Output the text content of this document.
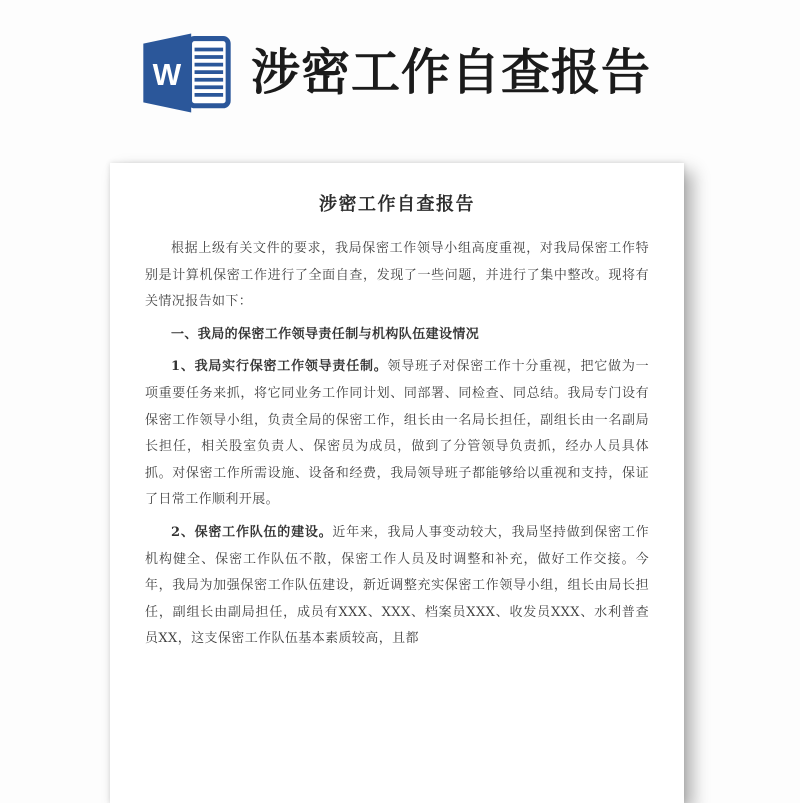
W 涉密工作自查报告
涉密工作自查报告

根据上级有关文件的要求，我局保密工作领导小组高度重视，对我局保密工作特别是计算机保密工作进行了全面自查，发现了一些问题，并进行了集中整改。现将有关情况报告如下：

一、我局的保密工作领导责任制与机构队伍建设情况

1、我局实行保密工作领导责任制。领导班子对保密工作十分重视，把它做为一项重要任务来抓，将它同业务工作同计划、同部署、同检查、同总结。我局专门设有保密工作领导小组，负责全局的保密工作，组长由一名局长担任，副组长由一名副局长担任，相关股室负责人、保密员为成员，做到了分管领导负责抓，经办人员具体抓。对保密工作所需设施、设备和经费，我局领导班子都能够给以重视和支持，保证了日常工作顺利开展。

2、保密工作队伍的建设。近年来，我局人事变动较大，我局坚持做到保密工作机构健全、保密工作队伍不散，保密工作人员及时调整和补充，做好工作交接。今年，我局为加强保密工作队伍建设，新近调整充实保密工作领导小组，组长由局长担任，副组长由副局担任，成员有XXX、XXX、档案员XXX、收发员XXX、水利普查员XX，这支保密工作队伍基本素质较高，且都
